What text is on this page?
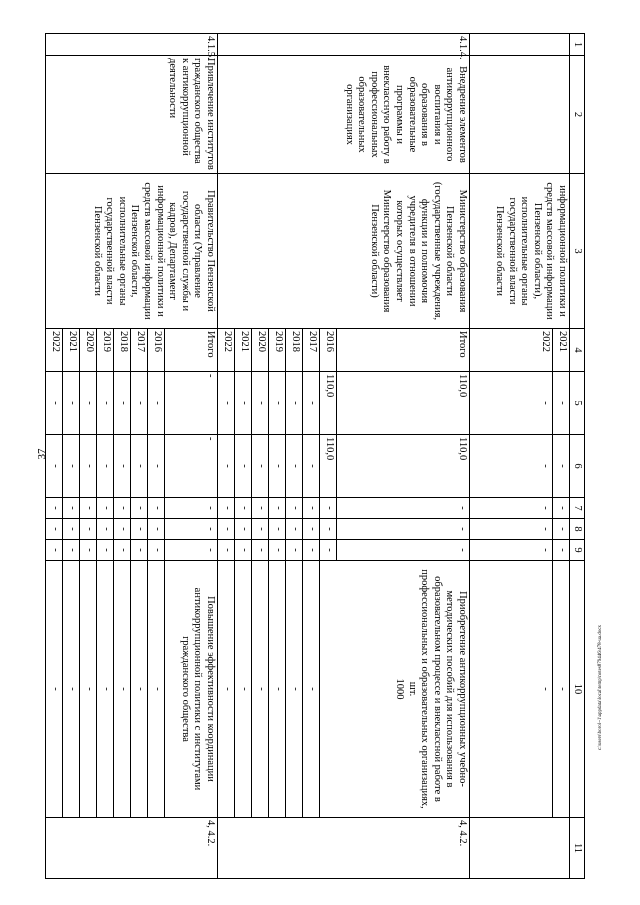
37
1	2	3	4	5	6	7	8	9	10	11
		информационной политики и средств массовой информации Пензенской области), исполнительные органы государственной власти Пензенской области	2021	-	-	-	-	-	-	
			2022	-	-	-	-	-	-	
4.1.4.	Внедрение элементов антикоррупционного воспитания и образования в образовательные программы и внеклассную работу в профессиональных образовательных организациях	Министерство образования Пензенской области (государственные учреждения, функции и полномочия учредителя в отношении которых осуществляет Министерство образования Пензенской области)	Итого	110,0	110,0	-	-	-	Приобретение антикоррупционных учебно-методических пособий для использования в образовательном процессе и внеклассной работе в профессиональных и образовательных организациях, шт.
1000	4, 4.2.
			2016	110,0	110,0	-	-	-		
			2017	-	-	-	-	-	-	
			2018	-	-	-	-	-	-	
			2019	-	-	-	-	-	-	
			2020	-	-	-	-	-	-	
			2021	-	-	-	-	-	-	
			2022	-	-	-	-	-	-	
4.1.5.	Привлечение институтов гражданского общества к антикоррупционной деятельности	Правительство Пензенской области (Управление государственной службы и кадров), Департамент информационной политики и средств массовой информации Пензенской области, исполнительные органы государственной власти Пензенской области	Итого	-	-	-	-	-	Повышение эффективности координации антикоррупционной политики с институтами гражданского общества	4, 4.2.
			2016	-	-	-	-	-	-	
			2017	-	-	-	-	-	-	
			2018	-	-	-	-	-	-	
			2019	-	-	-	-	-	-	
			2020	-	-	-	-	-	-	
			2021	-	-	-	-	-	-	
			2022	-	-	-	-	-	-		c:\users\borol~1\appdata\local\temp\notes879446\478-ua.docx
